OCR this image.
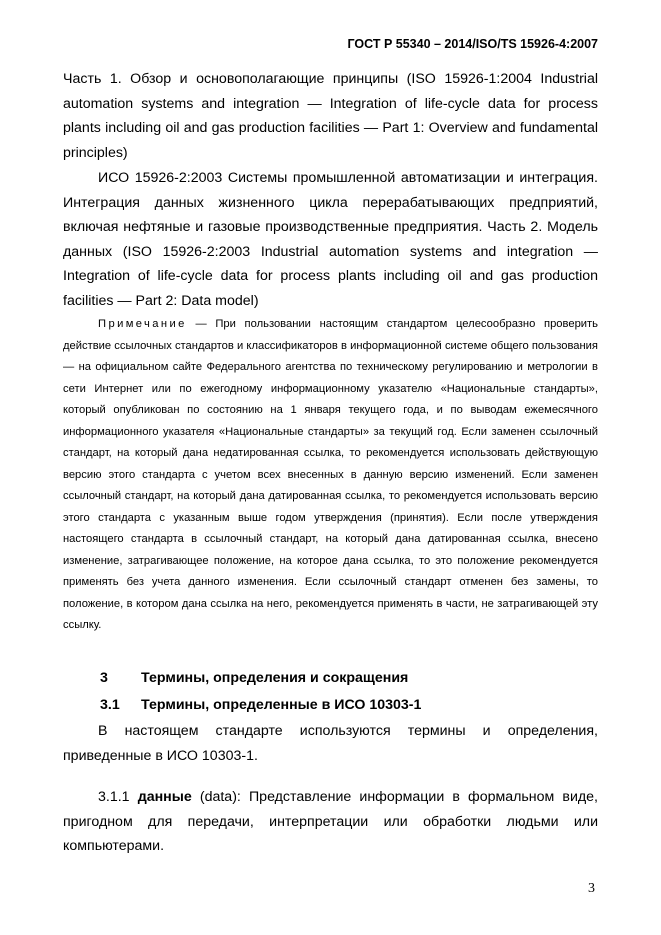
ГОСТ Р 55340 – 2014/ISO/TS 15926-4:2007

Часть 1. Обзор и основополагающие принципы (ISO 15926-1:2004 Industrial automation systems and integration — Integration of life-cycle data for process plants including oil and gas production facilities — Part 1: Overview and fundamental principles)

ИСО 15926-2:2003 Системы промышленной автоматизации и интеграция. Интеграция данных жизненного цикла перерабатывающих предприятий, включая нефтяные и газовые производственные предприятия. Часть 2. Модель данных (ISO 15926-2:2003 Industrial automation systems and integration — Integration of life-cycle data for process plants including oil and gas production facilities — Part 2: Data model)

Примечание — При пользовании настоящим стандартом целесообразно проверить действие ссылочных стандартов и классификаторов в информационной системе общего пользования — на официальном сайте Федерального агентства по техническому регулированию и метрологии в сети Интернет или по ежегодному информационному указателю «Национальные стандарты», который опубликован по состоянию на 1 января текущего года, и по выводам ежемесячного информационного указателя «Национальные стандарты» за текущий год. Если заменен ссылочный стандарт, на который дана недатированная ссылка, то рекомендуется использовать действующую версию этого стандарта с учетом всех внесенных в данную версию изменений. Если заменен ссылочный стандарт, на который дана датированная ссылка, то рекомендуется использовать версию этого стандарта с указанным выше годом утверждения (принятия). Если после утверждения настоящего стандарта в ссылочный стандарт, на который дана датированная ссылка, внесено изменение, затрагивающее положение, на которое дана ссылка, то это положение рекомендуется применять без учета данного изменения. Если ссылочный стандарт отменен без замены, то положение, в котором дана ссылка на него, рекомендуется применять в части, не затрагивающей эту ссылку.

3 Термины, определения и сокращения
3.1 Термины, определенные в ИСО 10303-1

В настоящем стандарте используются термины и определения, приведенные в ИСО 10303-1.

3.1.1 данные (data): Представление информации в формальном виде, пригодном для передачи, интерпретации или обработки людьми или компьютерами.

3
